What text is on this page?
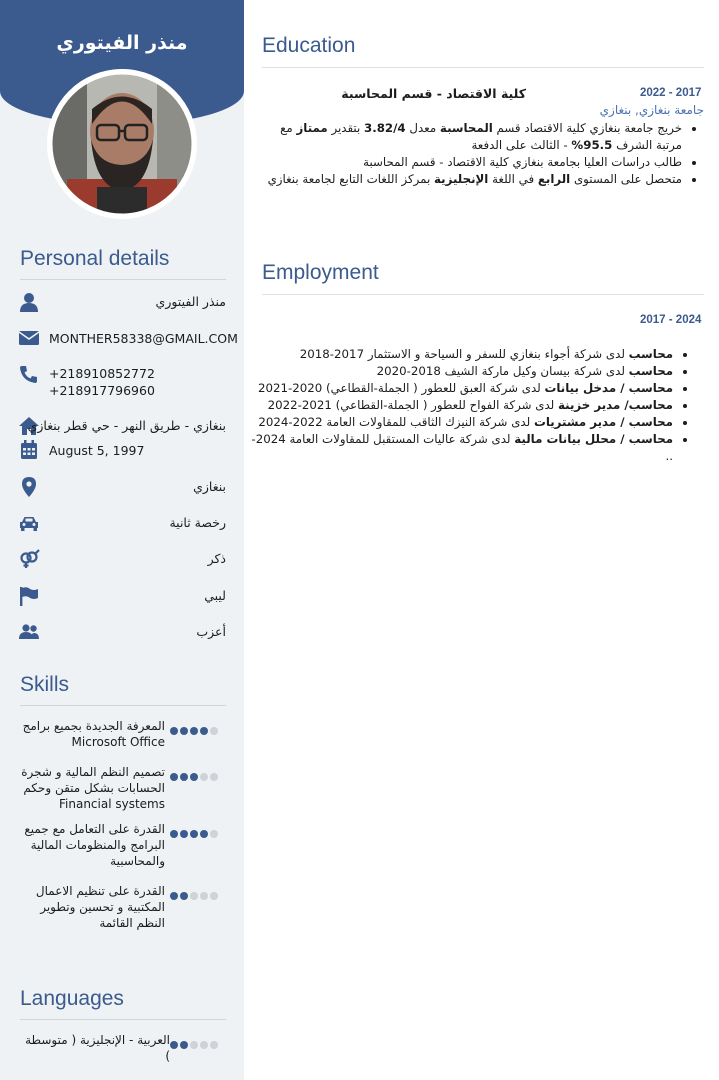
منذر الفيتوري
Personal details
منذر الفيتوري
MONTHER58338@GMAIL.COM
+218910852772
+218917796960
بنغازي - طريق النهر - حي قطر بنغازي
August 5, 1997
بنغازي
رخصة ثانية
ذكر
ليبي
أعزب
Skills
المعرفة الجديدة بجميع برامج Microsoft Office
تصميم النظم المالية و شجرة الحسابات بشكل متقن وحكم Financial systems
القدرة على التعامل مع جميع البرامج والمنظومات المالية والمحاسبية
القدرة على تنظيم الاعمال المكتبية و تحسين وتطوير النظم القائمة
Languages
العربية - الإنجليزية ( متوسطة )
Education
2022 - 2017
كلية الاقتصاد - قسم المحاسبة
جامعة بنغازي, بنغازي
• خريج جامعة بنغازي كلية الاقتصاد قسم المحاسبة معدل 3.82/4 بتقدير ممتاز مع مرتبة الشرف 95.5% - الثالث على الدفعة
• طالب دراسات العليا بجامعة بنغازي كلية الاقتصاد - قسم المحاسبة
• متحصل على المستوى الرابع في اللغة الإنجليزية بمركز اللغات التابع لجامعة بنغازي
Employment
2017 - 2024
• محاسب لدى شركة أجواء بنغازي للسفر و السياحة و الاستثمار 2017-2018
• محاسب لدى شركة بيسان وكيل ماركة الشيف 2018-2020
• محاسب / مدخل بيانات لدى شركة العبق للعطور ( الجملة-القطاعي) 2020-2021
• محاسب/ مدير خزينة لدى شركة الفواح للعطور ( الجملة-القطاعي) 2021-2022
• محاسب / مدير مشتريات لدى شركة النيزك الثاقب للمقاولات العامة 2022-2024
• محاسب / محلل بيانات مالية لدى شركة عاليات المستقبل للمقاولات العامة 2024- ..
